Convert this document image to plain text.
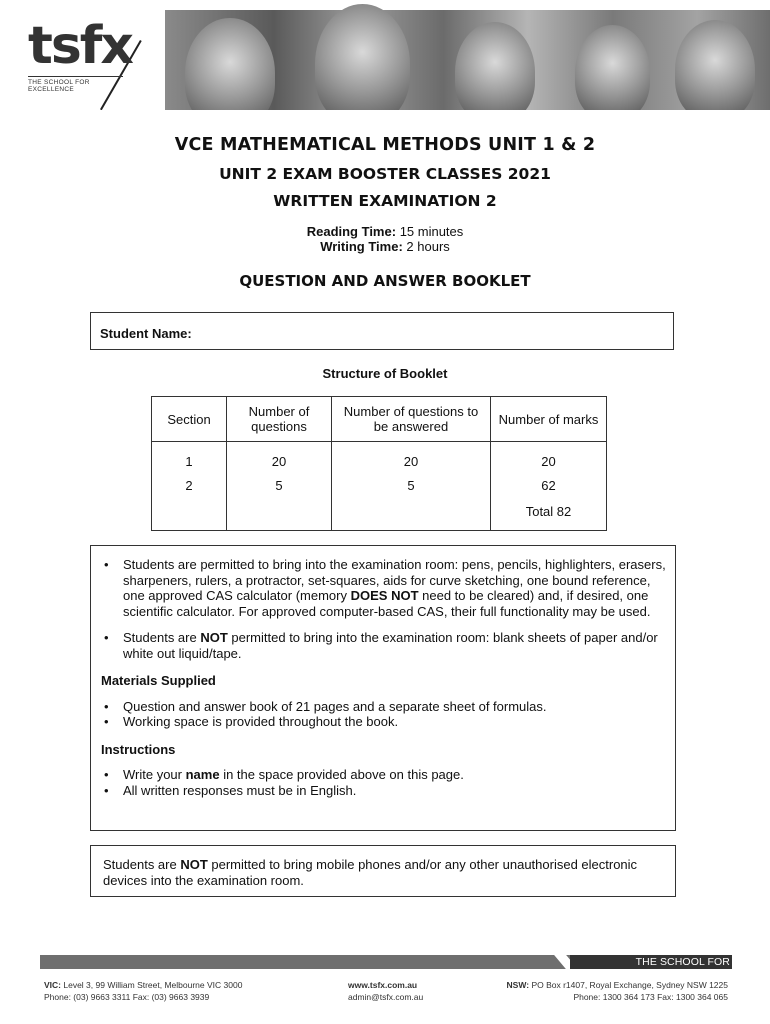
tsfx
THE SCHOOL FOR EXCELLENCE
VCE MATHEMATICAL METHODS UNIT 1 & 2
UNIT 2 EXAM BOOSTER CLASSES 2021
WRITTEN EXAMINATION 2
Reading Time: 15 minutes
Writing Time: 2 hours
QUESTION AND ANSWER BOOKLET
Student Name:
Structure of Booklet
Section	Number of questions	Number of questions to be answered	Number of marks
1	20	20	20
2	5	5	62
			Total 82
• Students are permitted to bring into the examination room: pens, pencils, highlighters, erasers, sharpeners, rulers, a protractor, set-squares, aids for curve sketching, one bound reference, one approved CAS calculator (memory DOES NOT need to be cleared) and, if desired, one scientific calculator. For approved computer-based CAS, their full functionality may be used.
• Students are NOT permitted to bring into the examination room: blank sheets of paper and/or white out liquid/tape.
Materials Supplied
• Question and answer book of 21 pages and a separate sheet of formulas.
• Working space is provided throughout the book.
Instructions
• Write your name in the space provided above on this page.
• All written responses must be in English.
Students are NOT permitted to bring mobile phones and/or any other unauthorised electronic devices into the examination room.
THE SCHOOL FOR EXCELLENCE
VIC: Level 3, 99 William Street, Melbourne VIC 3000
Phone: (03) 9663 3311 Fax: (03) 9663 3939
www.tsfx.com.au
admin@tsfx.com.au
NSW: PO Box r1407, Royal Exchange, Sydney NSW 1225
Phone: 1300 364 173 Fax: 1300 364 065
